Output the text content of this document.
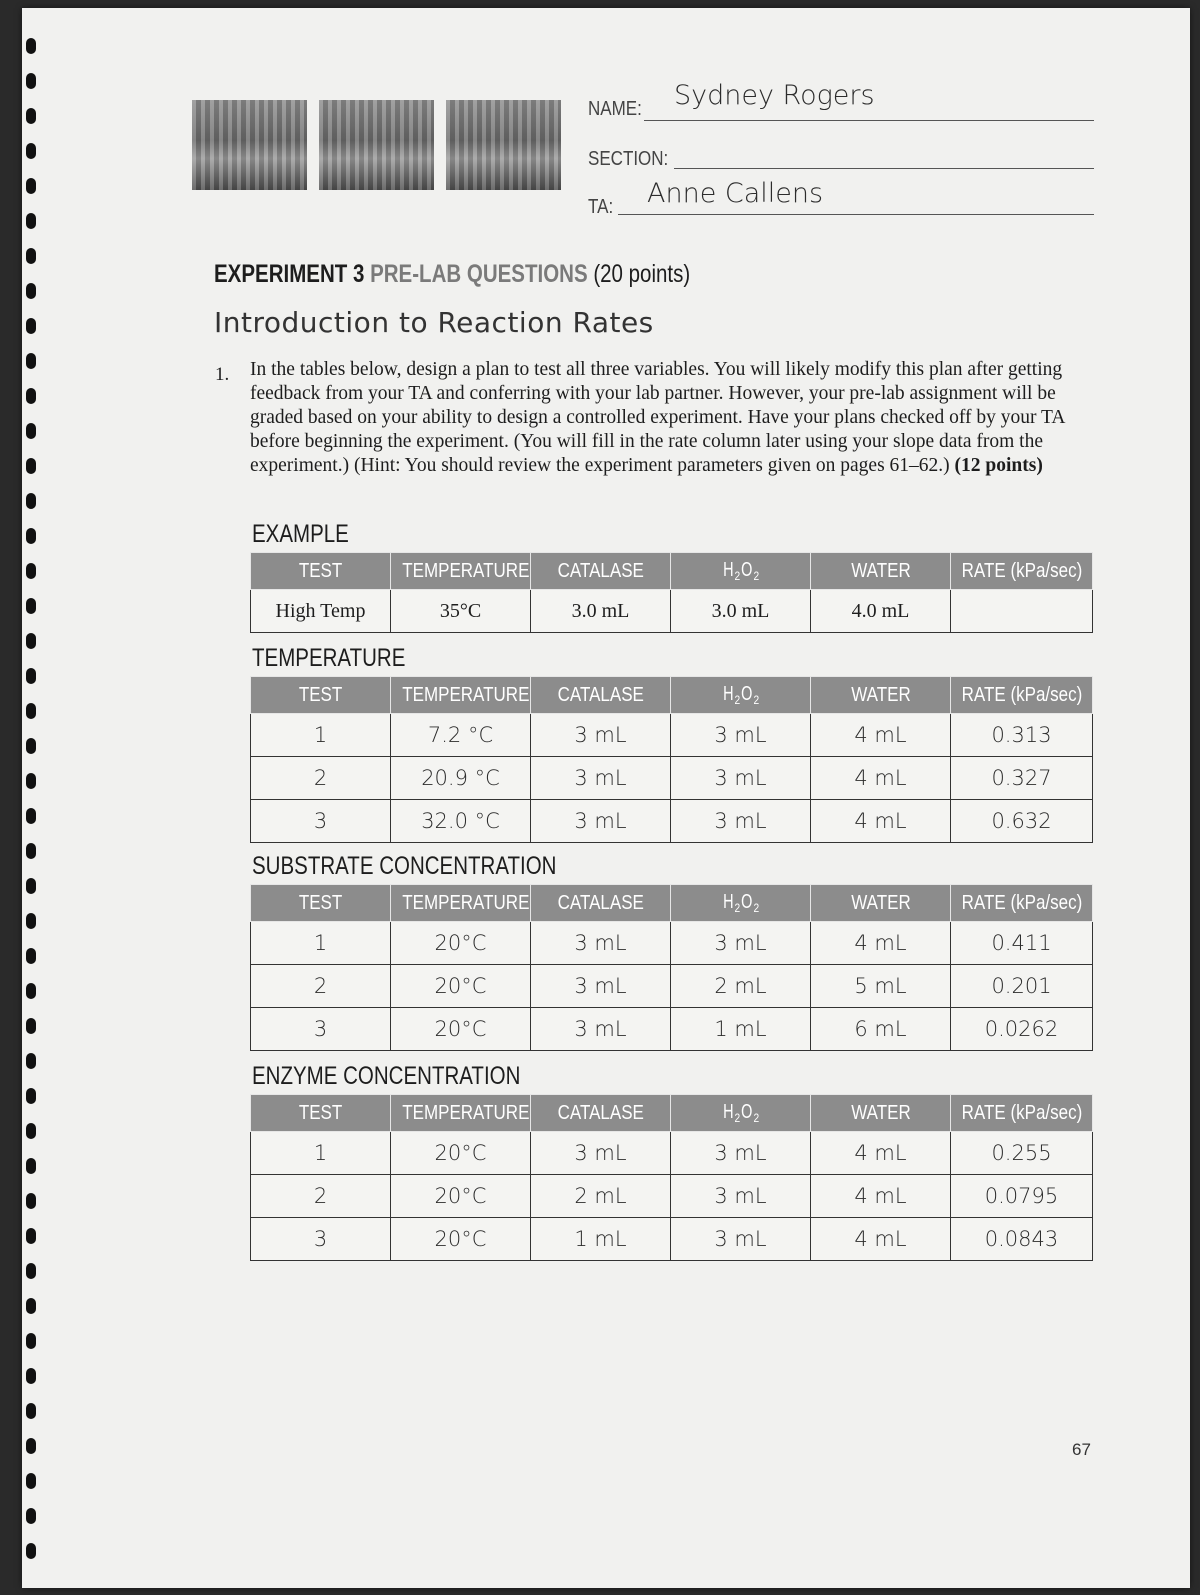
NAME: Sydney Rogers
SECTION:
TA: Anne Callens
EXPERIMENT 3 PRE-LAB QUESTIONS (20 points)
Introduction to Reaction Rates
1. In the tables below, design a plan to test all three variables. You will likely modify this plan after getting feedback from your TA and conferring with your lab partner. However, your pre-lab assignment will be graded based on your ability to design a controlled experiment. Have your plans checked off by your TA before beginning the experiment. (You will fill in the rate column later using your slope data from the experiment.) (Hint: You should review the experiment parameters given on pages 61–62.) (12 points)
EXAMPLE
TEST	TEMPERATURE	CATALASE	$H_2O_2$	WATER	RATE (kPa/sec)
High Temp	35°C	3.0 mL	3.0 mL	4.0 mL	
TEMPERATURE
TEST	TEMPERATURE	CATALASE	$H_2O_2$	WATER	RATE (kPa/sec)
1	7.2 °C	3 mL	3 mL	4 mL	0.313
2	20.9 °C	3 mL	3 mL	4 mL	0.327
3	32.0 °C	3 mL	3 mL	4 mL	0.632
SUBSTRATE CONCENTRATION
TEST	TEMPERATURE	CATALASE	$H_2O_2$	WATER	RATE (kPa/sec)
1	20°C	3 mL	3 mL	4 mL	0.411
2	20°C	3 mL	2 mL	5 mL	0.201
3	20°C	3 mL	1 mL	6 mL	0.0262
ENZYME CONCENTRATION
TEST	TEMPERATURE	CATALASE	$H_2O_2$	WATER	RATE (kPa/sec)
1	20°C	3 mL	3 mL	4 mL	0.255
2	20°C	2 mL	3 mL	4 mL	0.0795
3	20°C	1 mL	3 mL	4 mL	0.0843
67
